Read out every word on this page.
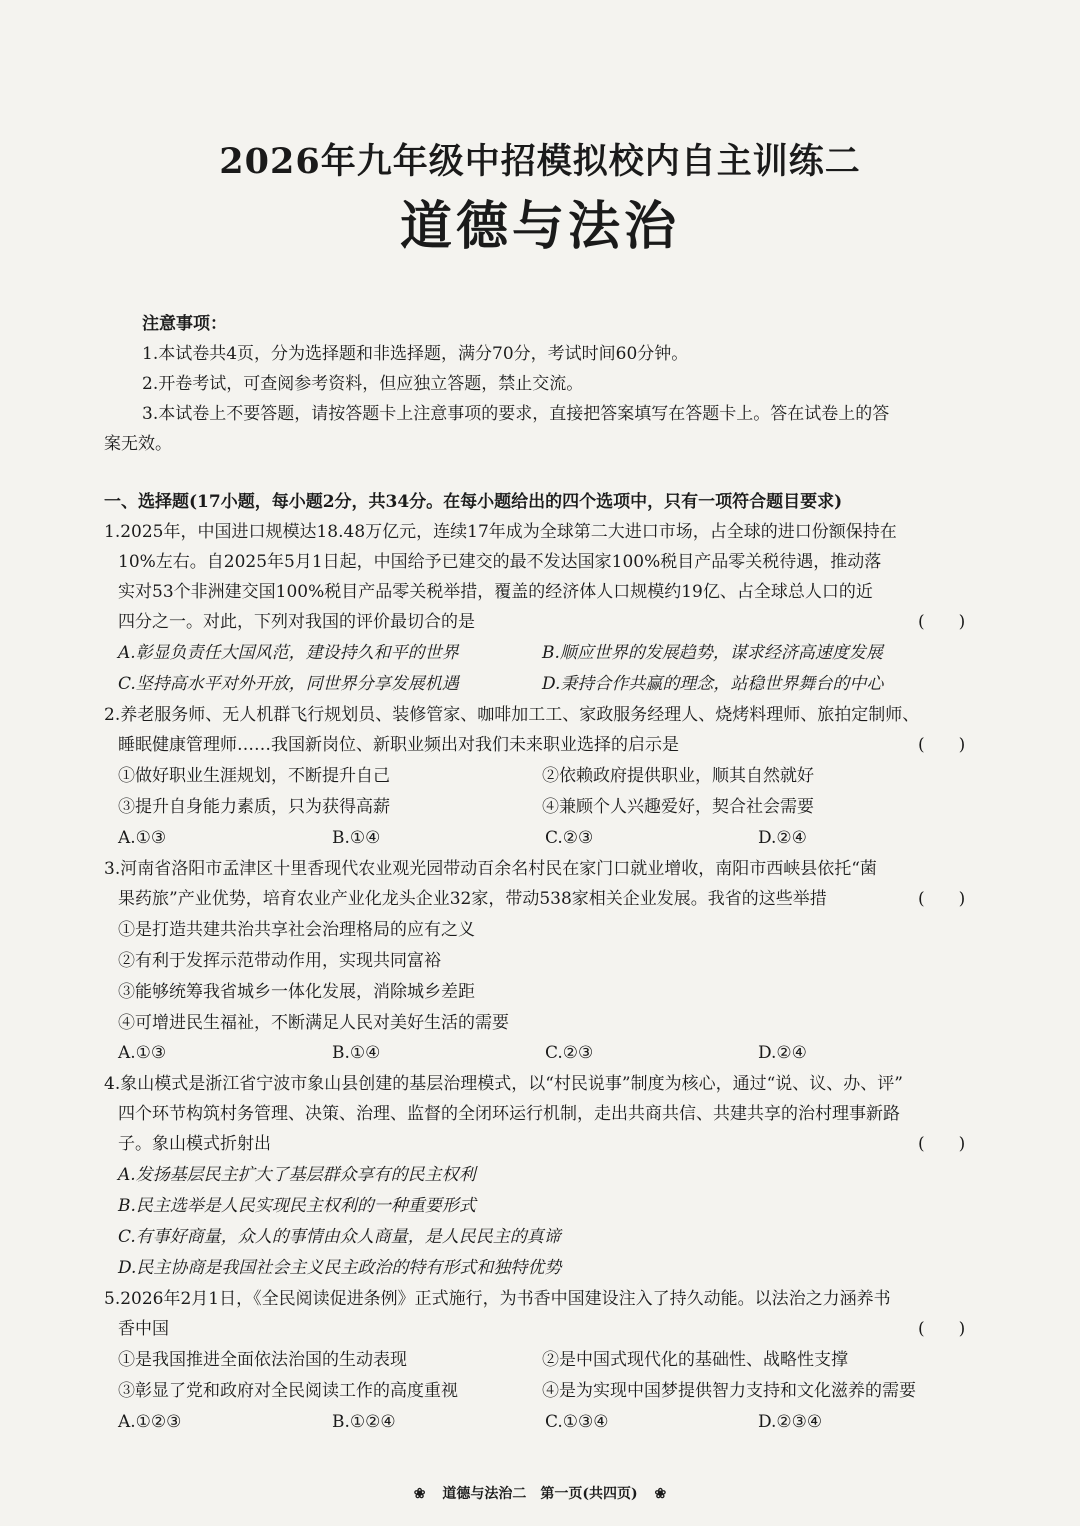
2026年九年级中招模拟校内自主训练二
道德与法治
注意事项：
1.本试卷共4页，分为选择题和非选择题，满分70分，考试时间60分钟。
2.开卷考试，可查阅参考资料，但应独立答题，禁止交流。
3.本试卷上不要答题，请按答题卡上注意事项的要求，直接把答案填写在答题卡上。答在试卷上的答
案无效。
一、选择题(17小题，每小题2分，共34分。在每小题给出的四个选项中，只有一项符合题目要求)
1.2025年，中国进口规模达18.48万亿元，连续17年成为全球第二大进口市场，占全球的进口份额保持在
10%左右。自2025年5月1日起，中国给予已建交的最不发达国家100%税目产品零关税待遇，推动落
实对53个非洲建交国100%税目产品零关税举措，覆盖的经济体人口规模约19亿、占全球总人口的近
四分之一。对此，下列对我国的评价最切合的是	(　　)
A.彰显负责任大国风范，建设持久和平的世界	B.顺应世界的发展趋势，谋求经济高速度发展
C.坚持高水平对外开放，同世界分享发展机遇	D.秉持合作共赢的理念，站稳世界舞台的中心
2.养老服务师、无人机群飞行规划员、装修管家、咖啡加工工、家政服务经理人、烧烤料理师、旅拍定制师、
睡眠健康管理师……我国新岗位、新职业频出对我们未来职业选择的启示是	(　　)
①做好职业生涯规划，不断提升自己	②依赖政府提供职业，顺其自然就好
③提升自身能力素质，只为获得高薪	④兼顾个人兴趣爱好，契合社会需要
A.①③	B.①④	C.②③	D.②④
3.河南省洛阳市孟津区十里香现代农业观光园带动百余名村民在家门口就业增收，南阳市西峡县依托“菌
果药旅”产业优势，培育农业产业化龙头企业32家，带动538家相关企业发展。我省的这些举措	(　　)
①是打造共建共治共享社会治理格局的应有之义
②有利于发挥示范带动作用，实现共同富裕
③能够统筹我省城乡一体化发展，消除城乡差距
④可增进民生福祉，不断满足人民对美好生活的需要
A.①③	B.①④	C.②③	D.②④
4.象山模式是浙江省宁波市象山县创建的基层治理模式，以“村民说事”制度为核心，通过“说、议、办、评”
四个环节构筑村务管理、决策、治理、监督的全闭环运行机制，走出共商共信、共建共享的治村理事新路
子。象山模式折射出	(　　)
A.发扬基层民主扩大了基层群众享有的民主权利
B.民主选举是人民实现民主权利的一种重要形式
C.有事好商量，众人的事情由众人商量，是人民民主的真谛
D.民主协商是我国社会主义民主政治的特有形式和独特优势
5.2026年2月1日，《全民阅读促进条例》正式施行，为书香中国建设注入了持久动能。以法治之力涵养书
香中国	(　　)
①是我国推进全面依法治国的生动表现	②是中国式现代化的基础性、战略性支撑
③彰显了党和政府对全民阅读工作的高度重视	④是为实现中国梦提供智力支持和文化滋养的需要
A.①②③	B.①②④	C.①③④	D.②③④
❀ 道德与法治二　第一页(共四页) ❀
